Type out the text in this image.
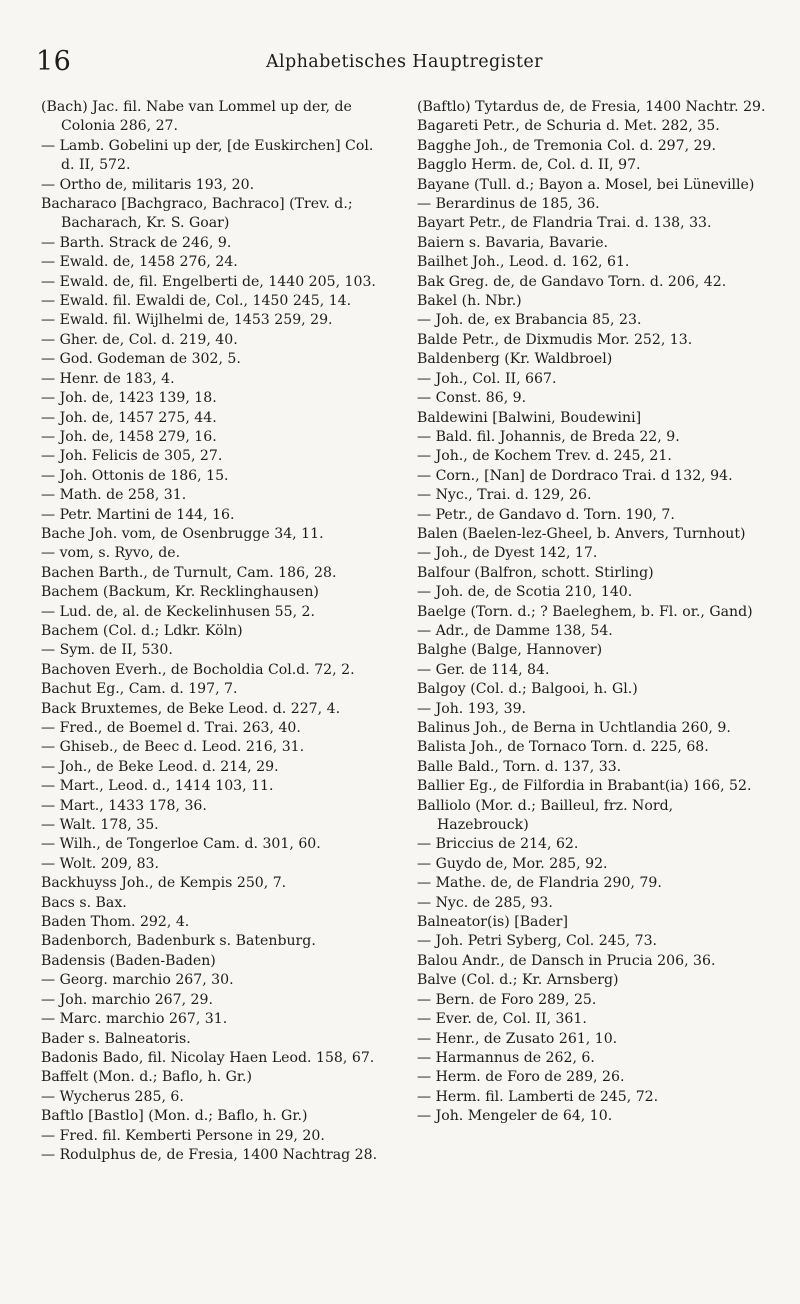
16	Alphabetisches Hauptregister
(Bach) Jac. fil. Nabe van Lommel up der, de Colonia 286, 27.
— Lamb. Gobelini up der, [de Euskirchen] Col. d. II, 572.
— Ortho de, militaris 193, 20.
Bacharaco [Bachgraco, Bachraco] (Trev. d.; Bacharach, Kr. S. Goar)
— Barth. Strack de 246, 9.
— Ewald. de, 1458 276, 24.
— Ewald. de, fil. Engelberti de, 1440 205, 103.
— Ewald. fil. Ewaldi de, Col., 1450 245, 14.
— Ewald. fil. Wijlhelmi de, 1453 259, 29.
— Gher. de, Col. d. 219, 40.
— God. Godeman de 302, 5.
— Henr. de 183, 4.
— Joh. de, 1423 139, 18.
— Joh. de, 1457 275, 44.
— Joh. de, 1458 279, 16.
— Joh. Felicis de 305, 27.
— Joh. Ottonis de 186, 15.
— Math. de 258, 31.
— Petr. Martini de 144, 16.
Bache Joh. vom, de Osenbrugge 34, 11.
— vom, s. Ryvo, de.
Bachen Barth., de Turnult, Cam. 186, 28.
Bachem (Backum, Kr. Recklinghausen)
— Lud. de, al. de Keckelinhusen 55, 2.
Bachem (Col. d.; Ldkr. Köln)
— Sym. de II, 530.
Bachoven Everh., de Bocholdia Col.d. 72, 2.
Bachut Eg., Cam. d. 197, 7.
Back Bruxtemes, de Beke Leod. d. 227, 4.
— Fred., de Boemel d. Trai. 263, 40.
— Ghiseb., de Beec d. Leod. 216, 31.
— Joh., de Beke Leod. d. 214, 29.
— Mart., Leod. d., 1414 103, 11.
— Mart., 1433 178, 36.
— Walt. 178, 35.
— Wilh., de Tongerloe Cam. d. 301, 60.
— Wolt. 209, 83.
Backhuyss Joh., de Kempis 250, 7.
Bacs s. Bax.
Baden Thom. 292, 4.
Badenborch, Badenburk s. Batenburg.
Badensis (Baden-Baden)
— Georg. marchio 267, 30.
— Joh. marchio 267, 29.
— Marc. marchio 267, 31.
Bader s. Balneatoris.
Badonis Bado, fil. Nicolay Haen Leod. 158, 67.
Baffelt (Mon. d.; Baflo, h. Gr.)
— Wycherus 285, 6.
Baftlo [Bastlo] (Mon. d.; Baflo, h. Gr.)
— Fred. fil. Kemberti Persone in 29, 20.
— Rodulphus de, de Fresia, 1400 Nachtrag 28.
(Baftlo) Tytardus de, de Fresia, 1400 Nachtr. 29.
Bagareti Petr., de Schuria d. Met. 282, 35.
Bagghe Joh., de Tremonia Col. d. 297, 29.
Bagglo Herm. de, Col. d. II, 97.
Bayane (Tull. d.; Bayon a. Mosel, bei Lüneville)
— Berardinus de 185, 36.
Bayart Petr., de Flandria Trai. d. 138, 33.
Baiern s. Bavaria, Bavarie.
Bailhet Joh., Leod. d. 162, 61.
Bak Greg. de, de Gandavo Torn. d. 206, 42.
Bakel (h. Nbr.)
— Joh. de, ex Brabancia 85, 23.
Balde Petr., de Dixmudis Mor. 252, 13.
Baldenberg (Kr. Waldbroel)
— Joh., Col. II, 667.
— Const. 86, 9.
Baldewini [Balwini, Boudewini]
— Bald. fil. Johannis, de Breda 22, 9.
— Joh., de Kochem Trev. d. 245, 21.
— Corn., [Nan] de Dordraco Trai. d 132, 94.
— Nyc., Trai. d. 129, 26.
— Petr., de Gandavo d. Torn. 190, 7.
Balen (Baelen-lez-Gheel, b. Anvers, Turnhout)
— Joh., de Dyest 142, 17.
Balfour (Balfron, schott. Stirling)
— Joh. de, de Scotia 210, 140.
Baelge (Torn. d.; ? Baeleghem, b. Fl. or., Gand)
— Adr., de Damme 138, 54.
Balghe (Balge, Hannover)
— Ger. de 114, 84.
Balgoy (Col. d.; Balgooi, h. Gl.)
— Joh. 193, 39.
Balinus Joh., de Berna in Uchtlandia 260, 9.
Balista Joh., de Tornaco Torn. d. 225, 68.
Balle Bald., Torn. d. 137, 33.
Ballier Eg., de Filfordia in Brabant(ia) 166, 52.
Balliolo (Mor. d.; Bailleul, frz. Nord, Hazebrouck)
— Briccius de 214, 62.
— Guydo de, Mor. 285, 92.
— Mathe. de, de Flandria 290, 79.
— Nyc. de 285, 93.
Balneator(is) [Bader]
— Joh. Petri Syberg, Col. 245, 73.
Balou Andr., de Dansch in Prucia 206, 36.
Balve (Col. d.; Kr. Arnsberg)
— Bern. de Foro 289, 25.
— Ever. de, Col. II, 361.
— Henr., de Zusato 261, 10.
— Harmannus de 262, 6.
— Herm. de Foro de 289, 26.
— Herm. fil. Lamberti de 245, 72.
— Joh. Mengeler de 64, 10.
